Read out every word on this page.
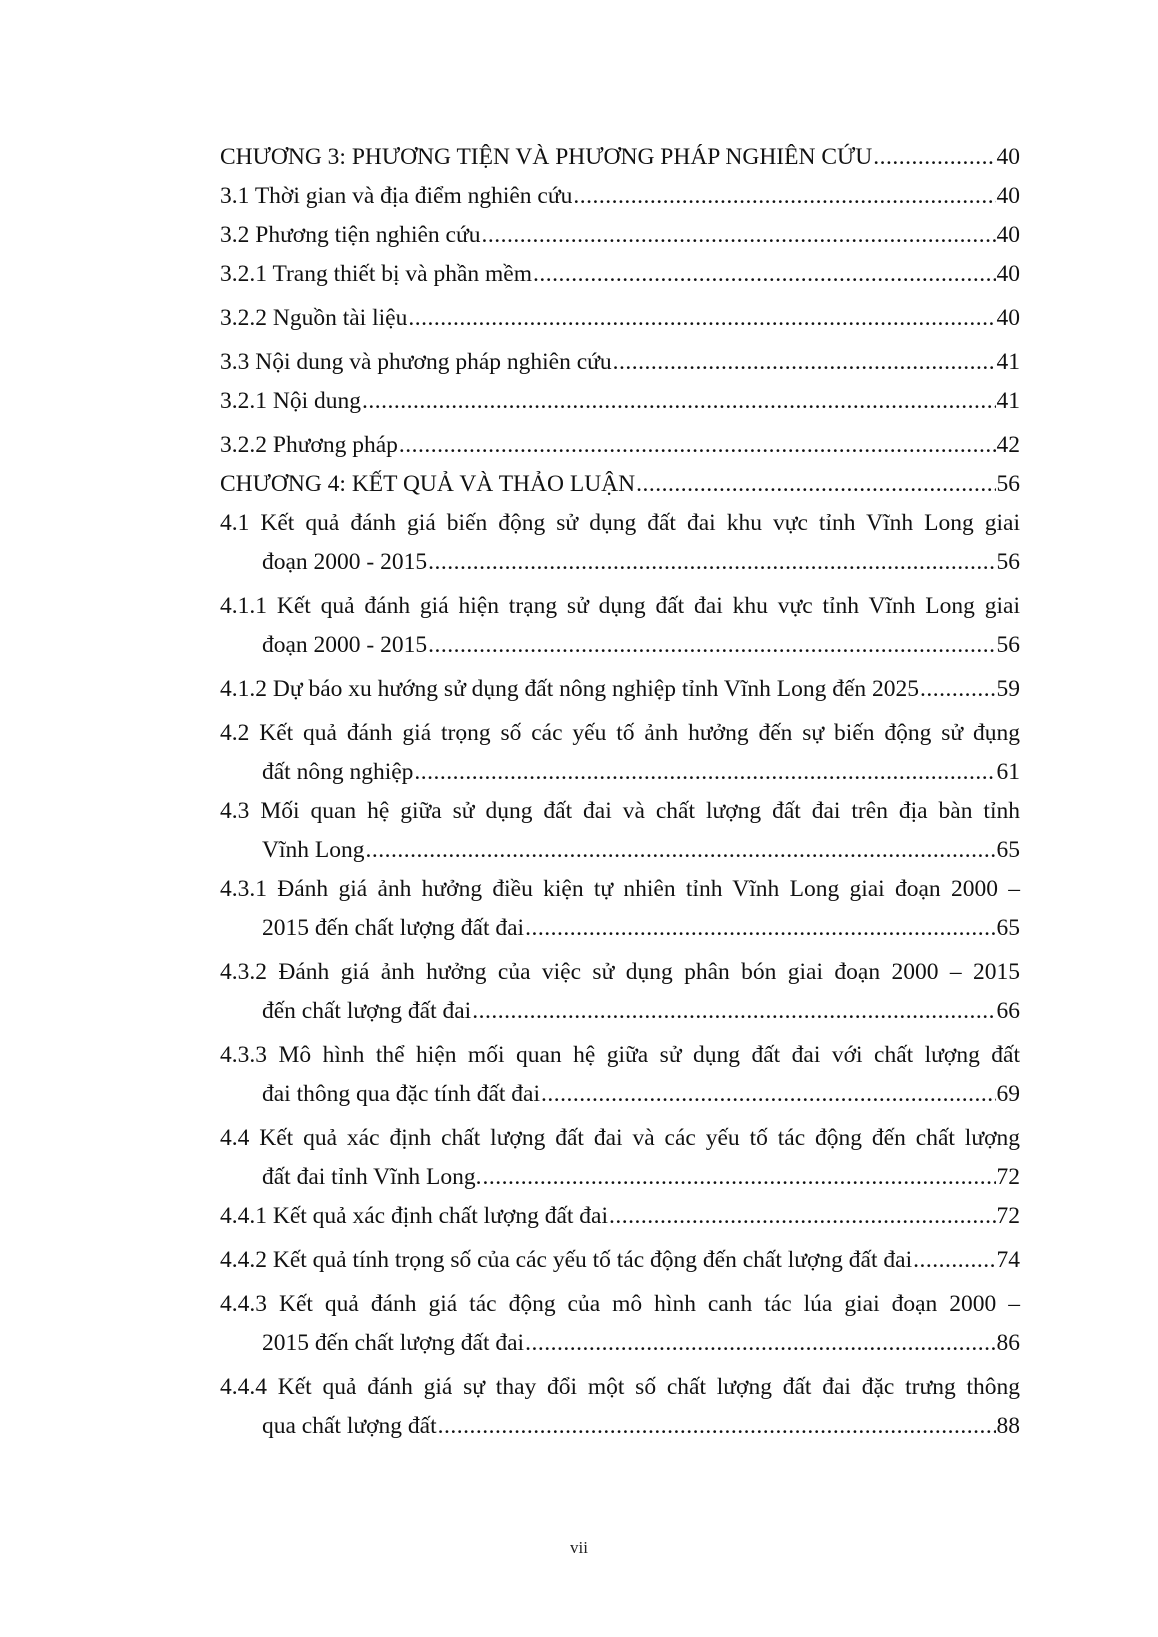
CHƯƠNG 3: PHƯƠNG TIỆN VÀ PHƯƠNG PHÁP NGHIÊN CỨU .....	40
3.1 Thời gian và địa điểm nghiên cứu .....	40
3.2 Phương tiện nghiên cứu .....	40
3.2.1 Trang thiết bị và phần mềm .....	40
3.2.2 Nguồn tài liệu .....	40
3.3 Nội dung và phương pháp nghiên cứu .....	41
3.2.1 Nội dung .....	41
3.2.2 Phương pháp .....	42
CHƯƠNG 4: KẾT QUẢ VÀ THẢO LUẬN .....	56
4.1 Kết quả đánh giá biến động sử dụng đất đai khu vực tỉnh Vĩnh Long giai
đoạn 2000 - 2015 .....	56
4.1.1 Kết quả đánh giá hiện trạng sử dụng đất đai khu vực tỉnh Vĩnh Long giai
đoạn 2000 - 2015 .....	56
4.1.2 Dự báo xu hướng sử dụng đất nông nghiệp tỉnh Vĩnh Long đến 2025 .....	59
4.2 Kết quả đánh giá trọng số các yếu tố ảnh hưởng đến sự biến động sử đụng
đất nông nghiệp .....	61
4.3 Mối quan hệ giữa sử dụng đất đai và chất lượng đất đai trên địa bàn tỉnh
Vĩnh Long .....	65
4.3.1 Đánh giá ảnh hưởng điều kiện tự nhiên tỉnh Vĩnh Long giai đoạn 2000 –
2015 đến chất lượng đất đai .....	65
4.3.2 Đánh giá ảnh hưởng của việc sử dụng phân bón giai đoạn 2000 – 2015
đến chất lượng đất đai .....	66
4.3.3 Mô hình thể hiện mối quan hệ giữa sử dụng đất đai với chất lượng đất
đai thông qua đặc tính đất đai .....	69
4.4 Kết quả xác định chất lượng đất đai và các yếu tố tác động đến chất lượng
đất đai tỉnh Vĩnh Long. .....	72
4.4.1 Kết quả xác định chất lượng đất đai .....	72
4.4.2 Kết quả tính trọng số của các yếu tố tác động đến chất lượng đất đai .....	74
4.4.3 Kết quả đánh giá tác động của mô hình canh tác lúa giai đoạn 2000 –
2015 đến chất lượng đất đai .....	86
4.4.4 Kết quả đánh giá sự thay đổi một số chất lượng đất đai đặc trưng thông
qua chất lượng đất .....	88
vii
